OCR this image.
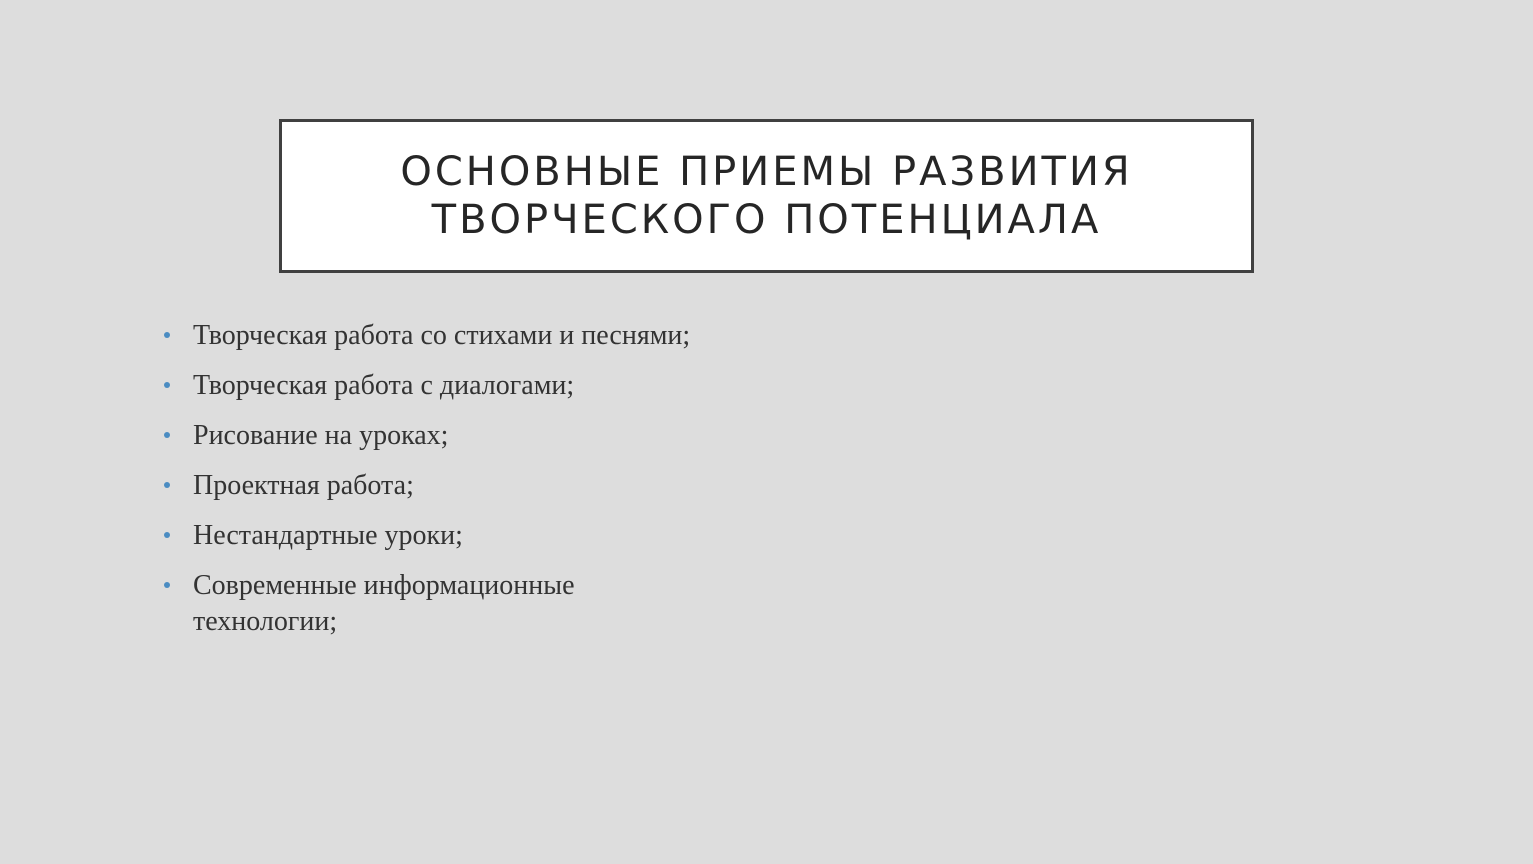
ОСНОВНЫЕ ПРИЕМЫ РАЗВИТИЯ
ТВОРЧЕСКОГО ПОТЕНЦИАЛА
Творческая работа со стихами и песнями;
Творческая работа с диалогами;
Рисование на уроках;
Проектная работа;
Нестандартные уроки;
Современные информационные технологии;
